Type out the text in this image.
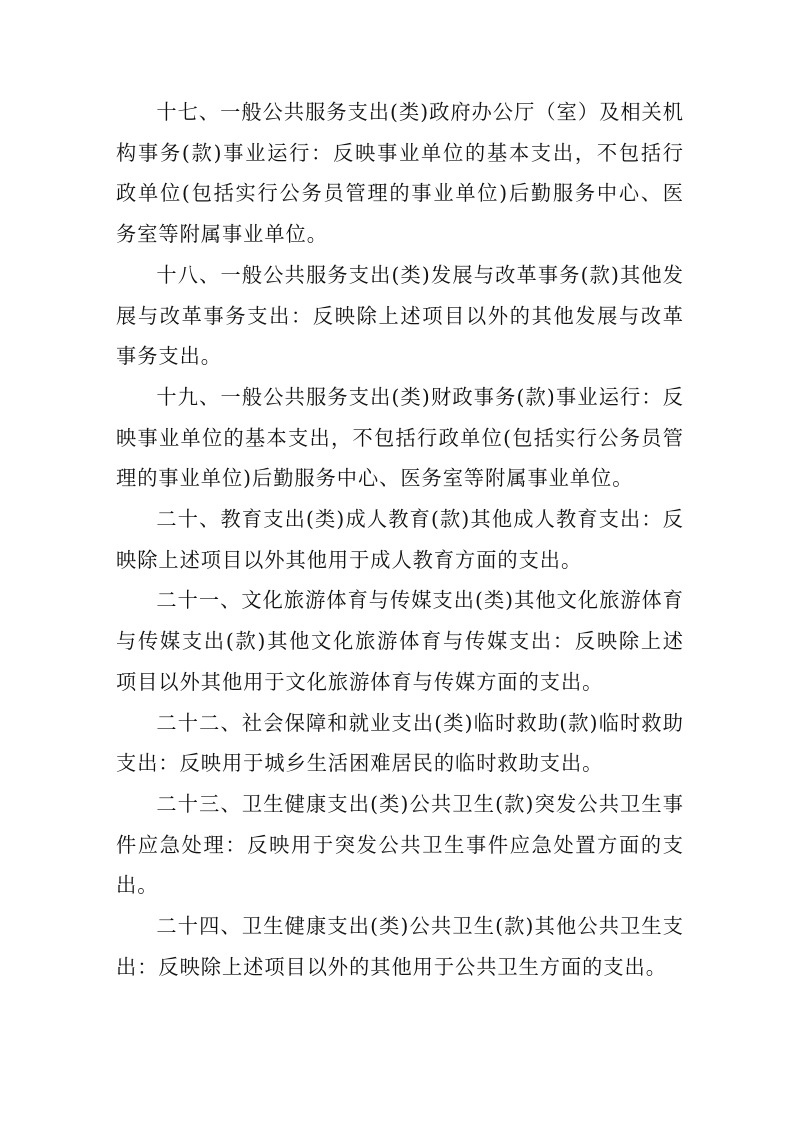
十七、一般公共服务支出(类)政府办公厅（室）及相关机构事务(款)事业运行：反映事业单位的基本支出，不包括行政单位(包括实行公务员管理的事业单位)后勤服务中心、医务室等附属事业单位。

十八、一般公共服务支出(类)发展与改革事务(款)其他发展与改革事务支出：反映除上述项目以外的其他发展与改革事务支出。

十九、一般公共服务支出(类)财政事务(款)事业运行：反映事业单位的基本支出，不包括行政单位(包括实行公务员管理的事业单位)后勤服务中心、医务室等附属事业单位。

二十、教育支出(类)成人教育(款)其他成人教育支出：反映除上述项目以外其他用于成人教育方面的支出。

二十一、文化旅游体育与传媒支出(类)其他文化旅游体育与传媒支出(款)其他文化旅游体育与传媒支出：反映除上述项目以外其他用于文化旅游体育与传媒方面的支出。

二十二、社会保障和就业支出(类)临时救助(款)临时救助支出：反映用于城乡生活困难居民的临时救助支出。

二十三、卫生健康支出(类)公共卫生(款)突发公共卫生事件应急处理：反映用于突发公共卫生事件应急处置方面的支出。

二十四、卫生健康支出(类)公共卫生(款)其他公共卫生支出：反映除上述项目以外的其他用于公共卫生方面的支出。
